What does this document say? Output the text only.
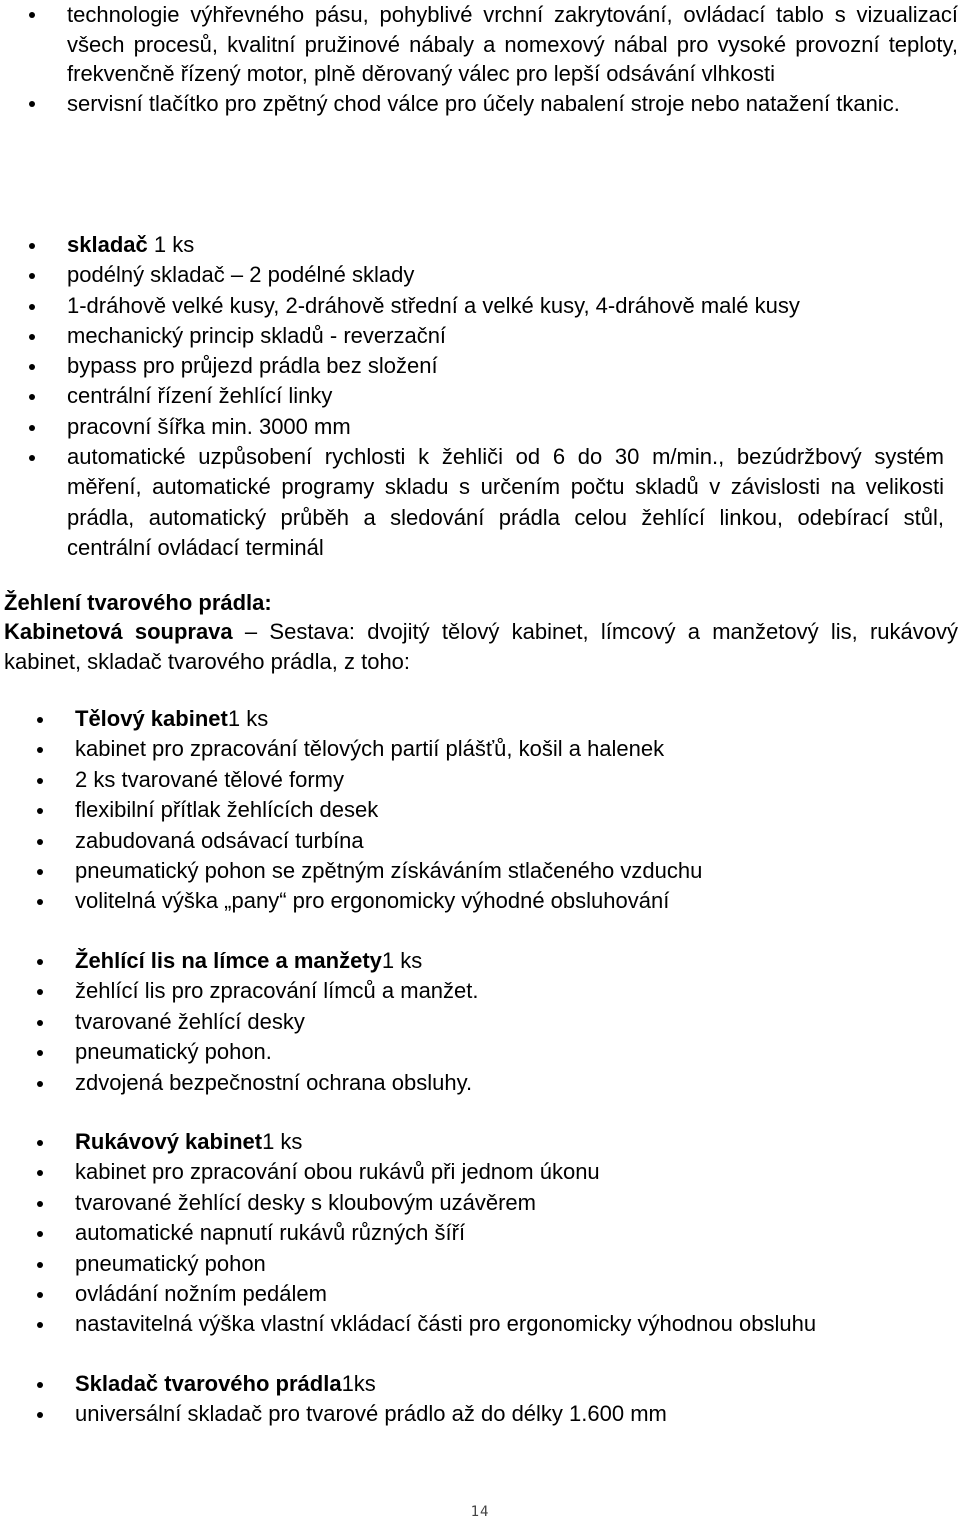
technologie výhřevného pásu, pohyblivé vrchní zakrytování, ovládací tablo s vizualizací všech procesů, kvalitní pružinové nábaly a nomexový nábal pro vysoké provozní teploty, frekvenčně řízený motor, plně děrovaný válec pro lepší odsávání vlhkosti
servisní tlačítko pro zpětný chod válce pro účely nabalení stroje nebo natažení tkanic.
skladač 1 ks
podélný skladač – 2 podélné sklady
1-dráhově velké kusy, 2-dráhově střední a velké kusy, 4-dráhově malé kusy
mechanický princip skladů - reverzační
bypass pro průjezd prádla bez složení
centrální řízení žehlící linky
pracovní šířka min. 3000 mm
automatické uzpůsobení rychlosti k žehliči od 6 do 30 m/min., bezúdržbový systém měření, automatické programy skladu s určením počtu skladů v závislosti na velikosti prádla, automatický průběh a sledování prádla celou žehlící linkou, odebírací stůl, centrální ovládací terminál
Žehlení tvarového prádla:
Kabinetová souprava – Sestava: dvojitý tělový kabinet, límcový a manžetový lis, rukávový kabinet, skladač tvarového prádla, z toho:
Tělový kabinet1 ks
kabinet pro zpracování tělových partií plášťů, košil a halenek
2 ks tvarované tělové formy
flexibilní přítlak žehlících desek
zabudovaná odsávací turbína
pneumatický pohon se zpětným získáváním stlačeného vzduchu
volitelná výška „pany“ pro ergonomicky výhodné obsluhování
Žehlící lis na límce a manžety1 ks
žehlící lis pro zpracování límců a manžet.
tvarované žehlící desky
pneumatický pohon.
zdvojená bezpečnostní ochrana obsluhy.
Rukávový kabinet1 ks
kabinet pro zpracování obou rukávů při jednom úkonu
tvarované žehlící desky s kloubovým uzávěrem
automatické napnutí rukávů různých šíří
pneumatický pohon
ovládání nožním pedálem
nastavitelná výška vlastní vkládací části pro ergonomicky výhodnou obsluhu
Skladač tvarového prádla1ks
universální skladač pro tvarové prádlo až do délky 1.600 mm
14
